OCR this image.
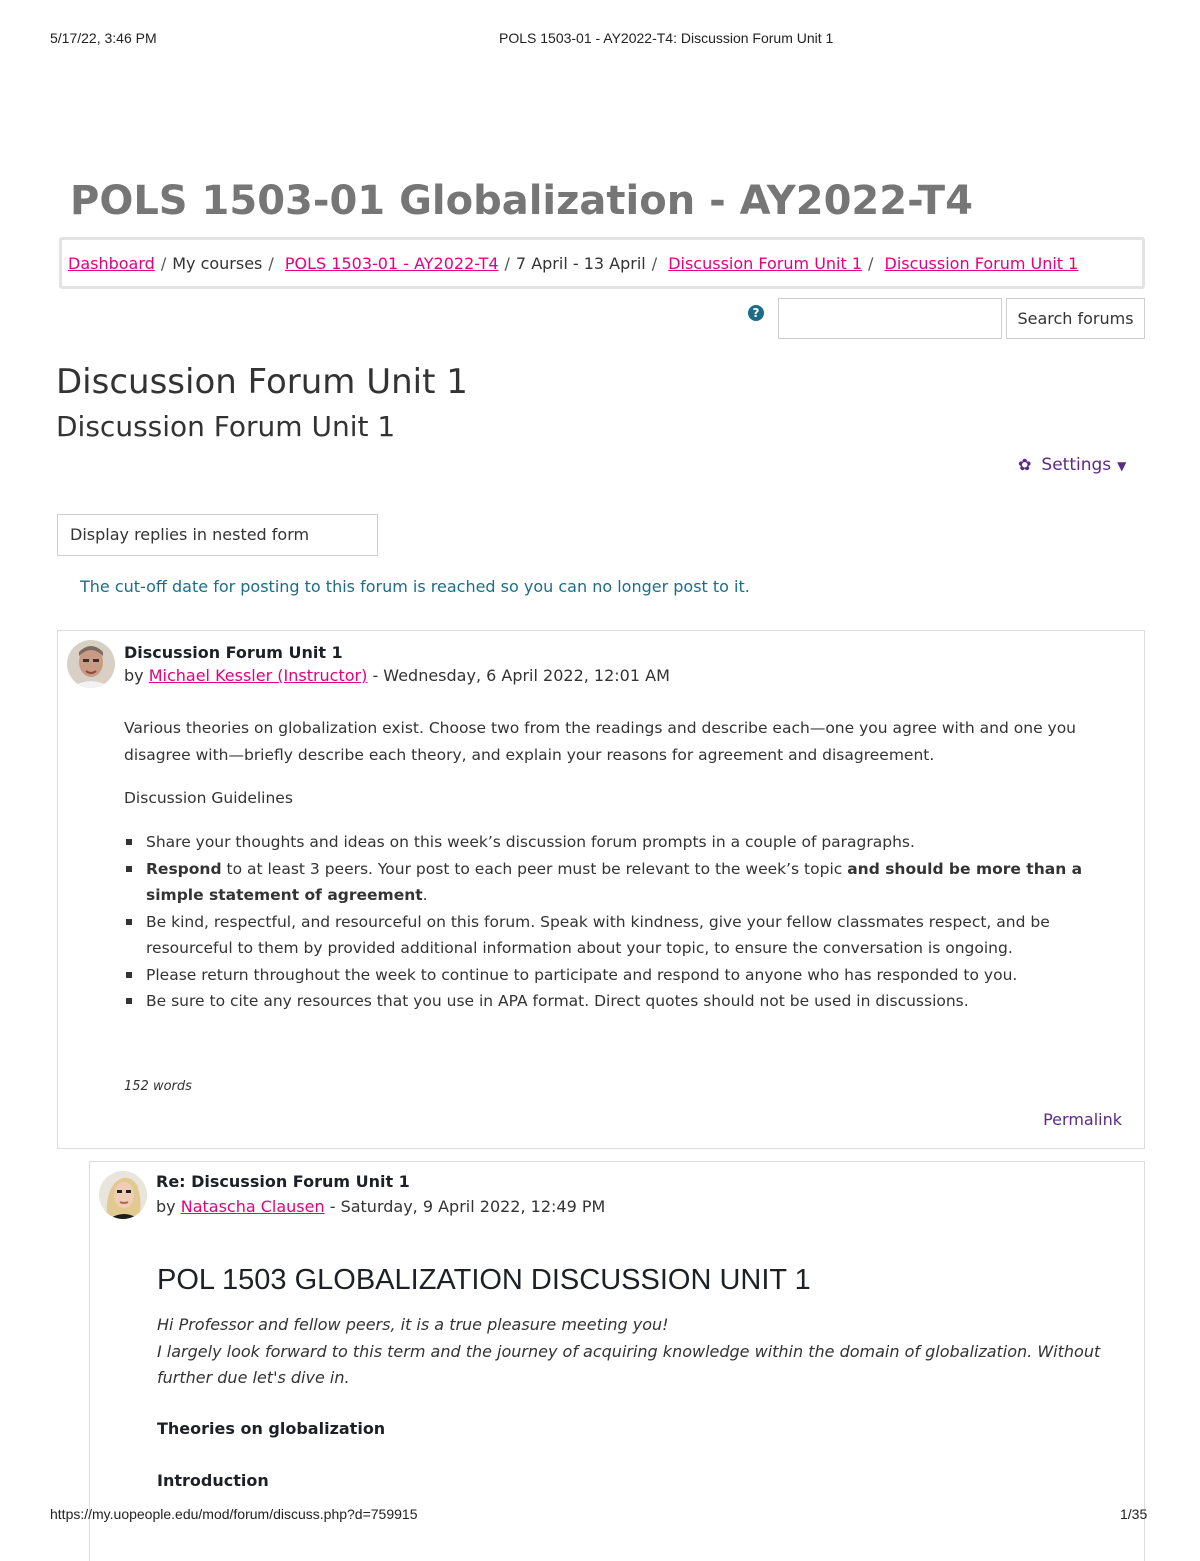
5/17/22, 3:46 PM	POLS 1503-01 - AY2022-T4: Discussion Forum Unit 1
POLS 1503-01 Globalization - AY2022-T4
Dashboard / My courses / POLS 1503-01 - AY2022-T4 / 7 April - 13 April / Discussion Forum Unit 1 / Discussion Forum Unit 1
?	Search forums
Discussion Forum Unit 1
Discussion Forum Unit 1
✿ Settings ▼
Display replies in nested form
The cut-off date for posting to this forum is reached so you can no longer post to it.
Discussion Forum Unit 1
by Michael Kessler (Instructor) - Wednesday, 6 April 2022, 12:01 AM
Various theories on globalization exist. Choose two from the readings and describe each—one you agree with and one you disagree with—briefly describe each theory, and explain your reasons for agreement and disagreement.
Discussion Guidelines
Share your thoughts and ideas on this week’s discussion forum prompts in a couple of paragraphs.
Respond to at least 3 peers. Your post to each peer must be relevant to the week’s topic and should be more than a simple statement of agreement.
Be kind, respectful, and resourceful on this forum. Speak with kindness, give your fellow classmates respect, and be resourceful to them by provided additional information about your topic, to ensure the conversation is ongoing.
Please return throughout the week to continue to participate and respond to anyone who has responded to you.
Be sure to cite any resources that you use in APA format. Direct quotes should not be used in discussions.
152 words
Permalink
Re: Discussion Forum Unit 1
by Natascha Clausen - Saturday, 9 April 2022, 12:49 PM
POL 1503 GLOBALIZATION DISCUSSION UNIT 1
Hi Professor and fellow peers, it is a true pleasure meeting you!
I largely look forward to this term and the journey of acquiring knowledge within the domain of globalization. Without further due let's dive in.
Theories on globalization
Introduction
https://my.uopeople.edu/mod/forum/discuss.php?d=759915	1/35
